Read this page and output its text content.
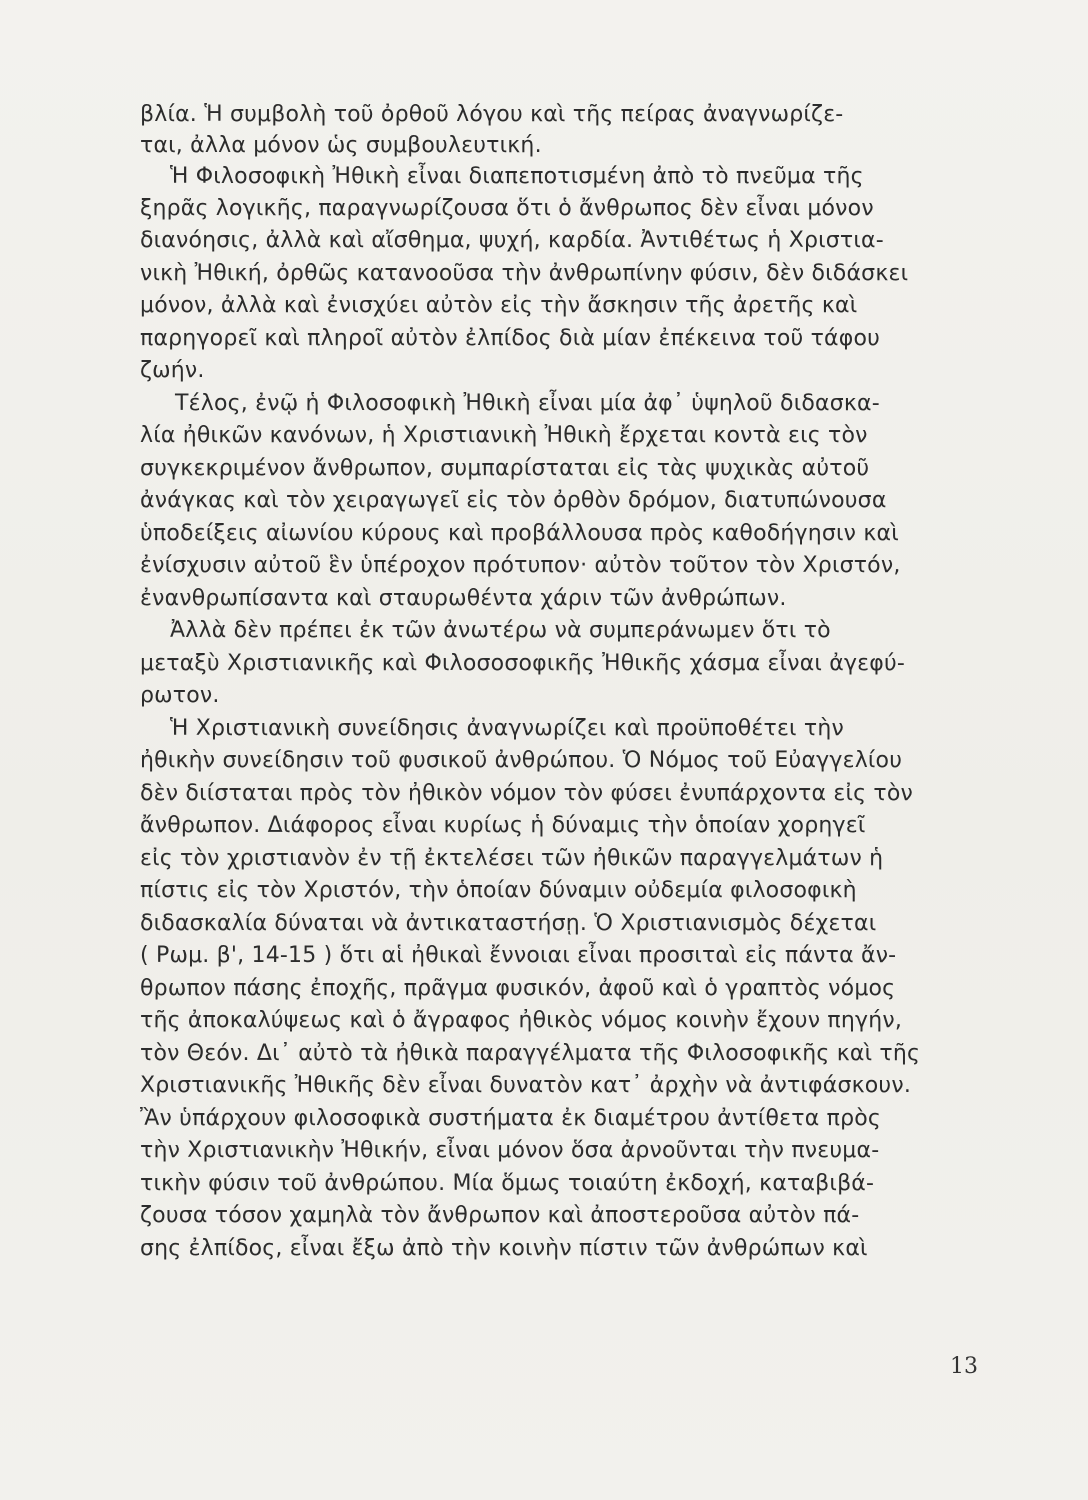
βλία. Ἡ συμβολὴ τοῦ ὀρθοῦ λόγου καὶ τῆς πείρας ἀναγνωρίζε-
ται, ἀλλα μόνον ὡς συμβουλευτική.
Ἡ Φιλοσοφικὴ Ἠθικὴ εἶναι διαπεποτισμένη ἀπὸ τὸ πνεῦμα τῆς
ξηρᾶς λογικῆς, παραγνωρίζουσα ὅτι ὁ ἄνθρωπος δὲν εἶναι μόνον
διανόησις, ἀλλὰ καὶ αἴσθημα, ψυχή, καρδία. Ἀντιθέτως ἡ Χριστια-
νικὴ Ἠθική, ὀρθῶς κατανοοῦσα τὴν ἀνθρωπίνην φύσιν, δὲν διδάσκει
μόνον, ἀλλὰ καὶ ἐνισχύει αὐτὸν εἰς τὴν ἄσκησιν τῆς ἀρετῆς καὶ
παρηγορεῖ καὶ πληροῖ αὐτὸν ἐλπίδος διὰ μίαν ἐπέκεινα τοῦ τάφου
ζωήν.
Τέλος, ἐνῷ ἡ Φιλοσοφικὴ Ἠθικὴ εἶναι μία ἀφ᾽ ὑψηλοῦ διδασκα-
λία ἠθικῶν κανόνων, ἡ Χριστιανικὴ Ἠθικὴ ἔρχεται κοντὰ εις τὸν
συγκεκριμένον ἄνθρωπον, συμπαρίσταται εἰς τὰς ψυχικὰς αὐτοῦ
ἀνάγκας καὶ τὸν χειραγωγεῖ εἰς τὸν ὀρθὸν δρόμον, διατυπώνουσα
ὑποδείξεις αἰωνίου κύρους καὶ προβάλλουσα πρὸς καθοδήγησιν καὶ
ἐνίσχυσιν αὐτοῦ ἓν ὑπέροχον πρότυπον· αὐτὸν τοῦτον τὸν Χριστόν,
ἐνανθρωπίσαντα καὶ σταυρωθέντα χάριν τῶν ἀνθρώπων.
Ἀλλὰ δὲν πρέπει ἐκ τῶν ἀνωτέρω νὰ συμπεράνωμεν ὅτι τὸ
μεταξὺ Χριστιανικῆς καὶ Φιλοσοσοφικῆς Ἠθικῆς χάσμα εἶναι ἀγεφύ-
ρωτον.
Ἡ Χριστιανικὴ συνείδησις ἀναγνωρίζει καὶ προϋποθέτει τὴν
ἠθικὴν συνείδησιν τοῦ φυσικοῦ ἀνθρώπου. Ὁ Νόμος τοῦ Εὐαγγελίου
δὲν διίσταται πρὸς τὸν ἠθικὸν νόμον τὸν φύσει ἐνυπάρχοντα εἰς τὸν
ἄνθρωπον. Διάφορος εἶναι κυρίως ἡ δύναμις τὴν ὁποίαν χορηγεῖ
εἰς τὸν χριστιανὸν ἐν τῇ ἐκτελέσει τῶν ἠθικῶν παραγγελμάτων ἡ
πίστις εἰς τὸν Χριστόν, τὴν ὁποίαν δύναμιν οὐδεμία φιλοσοφικὴ
διδασκαλία δύναται νὰ ἀντικαταστήσῃ. Ὁ Χριστιανισμὸς δέχεται
( Ρωμ. β', 14-15 ) ὅτι αἱ ἠθικαὶ ἔννοιαι εἶναι προσιταὶ εἰς πάντα ἄν-
θρωπον πάσης ἐποχῆς, πρᾶγμα φυσικόν, ἀφοῦ καὶ ὁ γραπτὸς νόμος
τῆς ἀποκαλύψεως καὶ ὁ ἄγραφος ἠθικὸς νόμος κοινὴν ἔχουν πηγήν,
τὸν Θεόν. Δι᾽ αὐτὸ τὰ ἠθικὰ παραγγέλματα τῆς Φιλοσοφικῆς καὶ τῆς
Χριστιανικῆς Ἠθικῆς δὲν εἶναι δυνατὸν κατ᾽ ἀρχὴν νὰ ἀντιφάσκουν.
Ἂν ὑπάρχουν φιλοσοφικὰ συστήματα ἐκ διαμέτρου ἀντίθετα πρὸς
τὴν Χριστιανικὴν Ἠθικήν, εἶναι μόνον ὅσα ἀρνοῦνται τὴν πνευμα-
τικὴν φύσιν τοῦ ἀνθρώπου. Μία ὅμως τοιαύτη ἐκδοχή, καταβιβά-
ζουσα τόσον χαμηλὰ τὸν ἄνθρωπον καὶ ἀποστεροῦσα αὐτὸν πά-
σης ἐλπίδος, εἶναι ἔξω ἀπὸ τὴν κοινὴν πίστιν τῶν ἀνθρώπων καὶ
13
